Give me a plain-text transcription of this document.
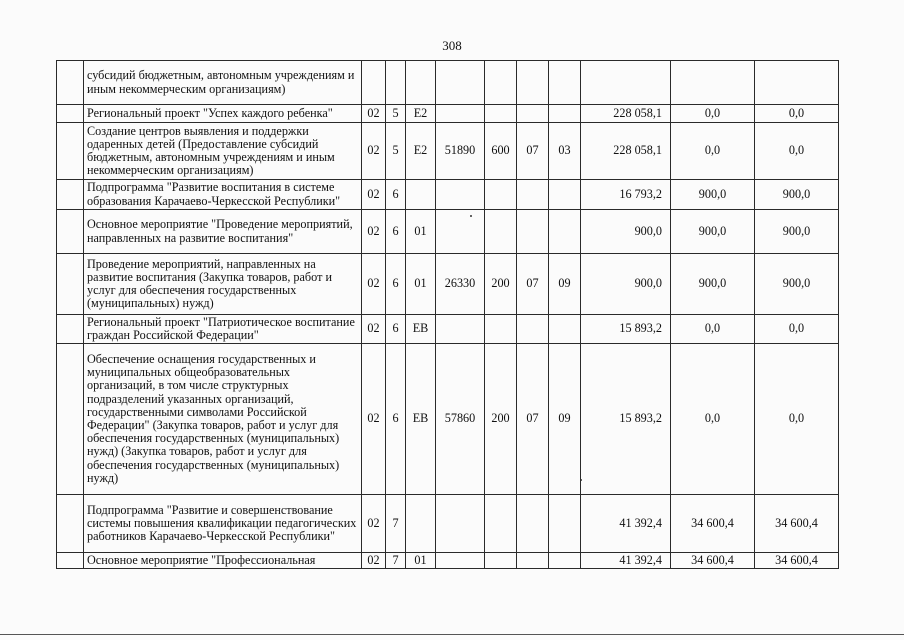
308
	субсидий бюджетным, автономным учреждениям и иным некоммерческим организациям)										
	Региональный проект "Успех каждого ребенка"	02	5	E2					228 058,1	0,0	0,0
	Создание центров выявления и поддержки одаренных детей (Предоставление субсидий бюджетным, автономным учреждениям и иным некоммерческим организациям)	02	5	E2	51890	600	07	03	228 058,1	0,0	0,0
	Подпрограмма "Развитие воспитания в системе образования Карачаево-Черкесской Республики"	02	6						16 793,2	900,0	900,0
	Основное мероприятие "Проведение мероприятий, направленных на развитие воспитания"	02	6	01					900,0	900,0	900,0
	Проведение мероприятий, направленных на развитие воспитания (Закупка товаров, работ и услуг для обеспечения государственных (муниципальных) нужд)	02	6	01	26330	200	07	09	900,0	900,0	900,0
	Региональный проект "Патриотическое воспитание граждан Российской Федерации"	02	6	EB					15 893,2	0,0	0,0
	Обеспечение оснащения государственных и муниципальных общеобразовательных организаций, в том числе структурных подразделений указанных организаций, государственными символами Российской Федерации" (Закупка товаров, работ и услуг для обеспечения государственных (муниципальных) нужд) (Закупка товаров, работ и услуг для обеспечения государственных (муниципальных) нужд)	02	6	EB	57860	200	07	09	15 893,2	0,0	0,0
	Подпрограмма "Развитие и совершенствование системы повышения квалификации педагогических работников Карачаево-Черкесской Республики"	02	7						41 392,4	34 600,4	34 600,4
	Основное мероприятие "Профессиональная	02	7	01					41 392,4	34 600,4	34 600,4
